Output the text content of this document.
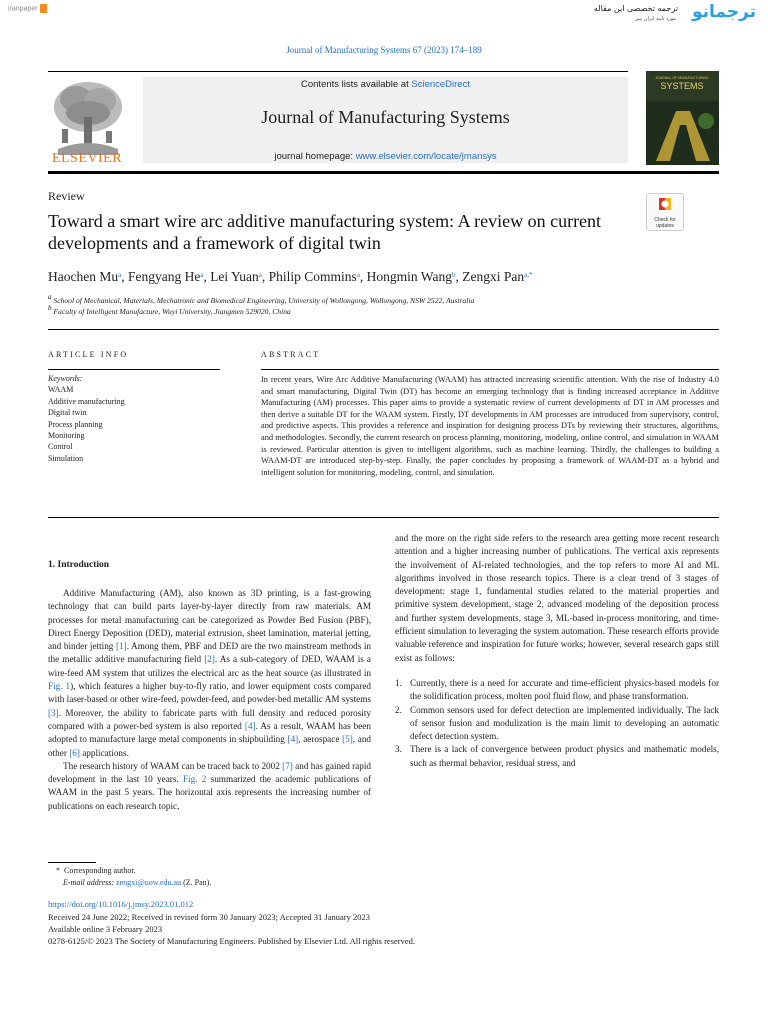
iranpaper	ترجمه تخصصی این مقاله
مورد تایید ایران پیپر ترجمانو
Journal of Manufacturing Systems 67 (2023) 174–189
ELSEVIER
Contents lists available at ScienceDirect
Journal of Manufacturing Systems
journal homepage: www.elsevier.com/locate/jmansys
JOURNAL OF MANUFACTURING
SYSTEMS
Review
Toward a smart wire arc additive manufacturing system: A review on current developments and a framework of digital twin
Check for
updates
Haochen Mu$^a$, Fengyang He$^a$, Lei Yuan$^a$, Philip Commins$^a$, Hongmin Wang$^b$, Zengxi Pan$^{a,*}$
$^a$ School of Mechanical, Materials, Mechatronic and Biomedical Engineering, University of Wollongong, Wollongong, NSW 2522, Australia
$^b$ Faculty of Intelligent Manufacture, Wuyi University, Jiangmen 529020, China
ARTICLE INFO	ABSTRACT
Keywords:
WAAM
Additive manufacturing
Digital twin
Process planning
Monitoring
Control
Simulation
In recent years, Wire Arc Additive Manufacturing (WAAM) has attracted increasing scientific attention. With the rise of Industry 4.0 and smart manufacturing, Digital Twin (DT) has become an emerging technology that is finding increased acceptance in Additive Manufacturing (AM) processes. This paper aims to provide a systematic review of current developments of DT in AM processes and then derive a suitable DT for the WAAM system. Firstly, DT developments in AM processes are introduced from supervisory, control, and predictive aspects. This provides a reference and inspiration for designing process DTs by reviewing their structures, algorithms, and methodologies. Secondly, the current research on process planning, monitoring, modeling, online control, and simulation in WAAM is reviewed. Particular attention is given to intelligent algorithms, such as machine learning. Thirdly, the challenges to building a WAAM-DT are introduced step-by-step. Finally, the paper concludes by proposing a framework of WAAM-DT as a hybrid and intelligent solution for monitoring, modeling, control, and simulation.
1. Introduction

Additive Manufacturing (AM), also known as 3D printing, is a fast-growing technology that can build parts layer-by-layer directly from raw materials. AM processes for metal manufacturing can be categorized as Powder Bed Fusion (PBF), Direct Energy Deposition (DED), material extrusion, sheet lamination, material jetting, and binder jetting [1]. Among them, PBF and DED are the two mainstream methods in the metallic additive manufacturing field [2]. As a sub-category of DED, WAAM is a wire-feed AM system that utilizes the electrical arc as the heat source (as illustrated in Fig. 1), which features a higher buy-to-fly ratio, and lower equipment costs compared with laser-based or other wire-feed, powder-feed, and powder-bed metallic AM systems [3]. Moreover, the ability to fabricate parts with full density and reduced porosity compared with a power-bed system is also reported [4]. As a result, WAAM has been adopted to manufacture large metal components in shipbuilding [4], aerospace [5], and other [6] applications.

The research history of WAAM can be traced back to 2002 [7] and has gained rapid development in the last 10 years. Fig. 2 summarized the academic publications of WAAM in the past 5 years. The horizontal axis represents the increasing number of publications on each research topic,

and the more on the right side refers to the research area getting more recent research attention and a higher increasing number of publications. The vertical axis represents the involvement of AI-related technologies, and the top refers to more AI and ML algorithms involved in those research topics. There is a clear trend of 3 stages of development: stage 1, fundamental studies related to the material properties and primitive system development, stage 2, advanced modeling of the deposition process and further system developments, stage 3, ML-based in-process monitoring, and time-efficient simulation to leveraging the system automation. These research efforts provide valuable reference and inspiration for future works; however, several research gaps still exist as follows:

1. Currently, there is a need for accurate and time-efficient physics-based models for the solidification process, molten pool fluid flow, and phase transformation.
2. Common sensors used for defect detection are implemented individually. The lack of sensor fusion and modulization is the main limit to developing an automatic defect detection system.
3. There is a lack of convergence between product physics and mathematic models, such as thermal behavior, residual stress, and
* Corresponding author.
E-mail address: zengxi@uow.edu.au (Z. Pan).
https://doi.org/10.1016/j.jmsy.2023.01.012
Received 24 June 2022; Received in revised form 30 January 2023; Accepted 31 January 2023
Available online 3 February 2023
0278-6125/© 2023 The Society of Manufacturing Engineers. Published by Elsevier Ltd. All rights reserved.
